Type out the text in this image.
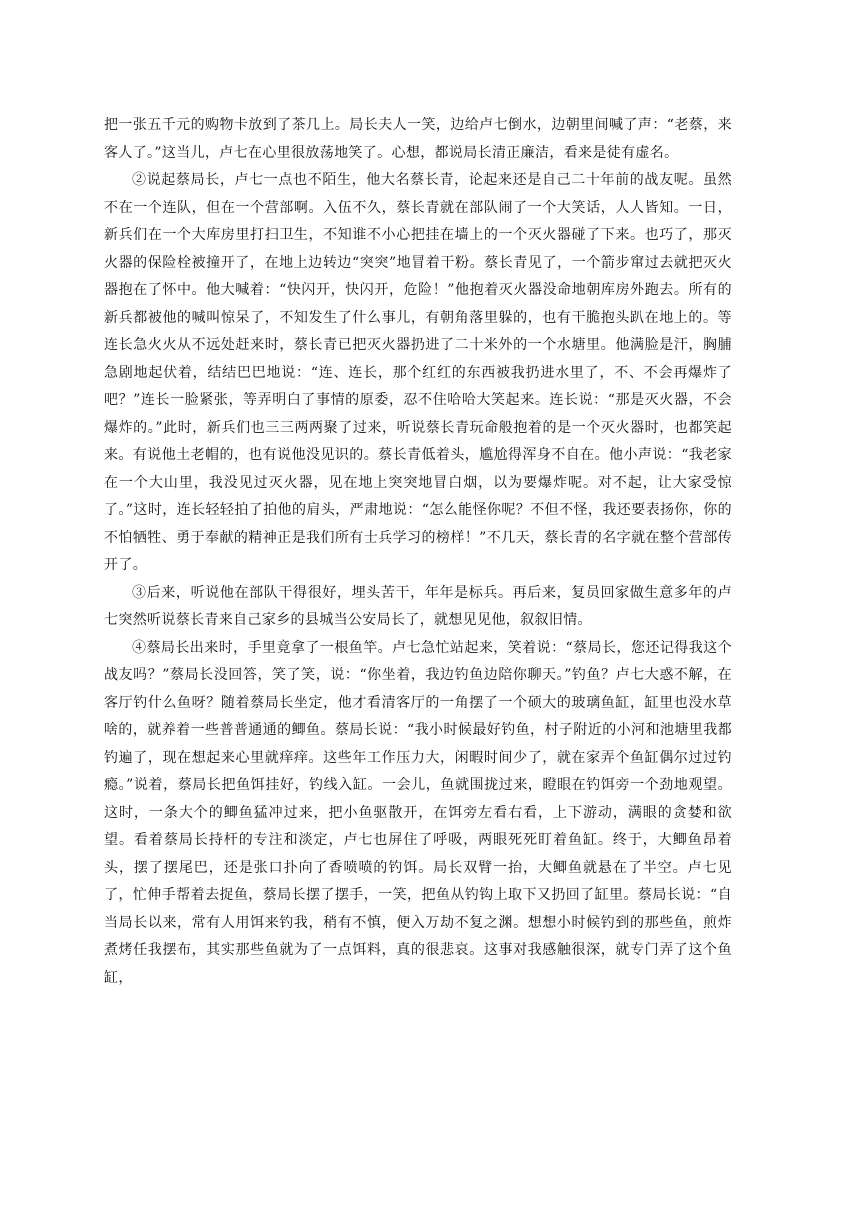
把一张五千元的购物卡放到了茶几上。局长夫人一笑，边给卢七倒水，边朝里间喊了声：“老蔡，来客人了。”这当儿，卢七在心里很放荡地笑了。心想，都说局长清正廉洁，看来是徒有虚名。

②说起蔡局长，卢七一点也不陌生，他大名蔡长青，论起来还是自己二十年前的战友呢。虽然不在一个连队，但在一个营部啊。入伍不久，蔡长青就在部队闹了一个大笑话，人人皆知。一日，新兵们在一个大库房里打扫卫生，不知谁不小心把挂在墙上的一个灭火器碰了下来。也巧了，那灭火器的保险栓被撞开了，在地上边转边“突突”地冒着干粉。蔡长青见了，一个箭步窜过去就把灭火器抱在了怀中。他大喊着：“快闪开，快闪开，危险！”他抱着灭火器没命地朝库房外跑去。所有的新兵都被他的喊叫惊呆了，不知发生了什么事儿，有朝角落里躲的，也有干脆抱头趴在地上的。等连长急火火从不远处赶来时，蔡长青已把灭火器扔进了二十米外的一个水塘里。他满脸是汗，胸脯急剧地起伏着，结结巴巴地说：“连、连长，那个红红的东西被我扔进水里了，不、不会再爆炸了吧？”连长一脸紧张，等弄明白了事情的原委，忍不住哈哈大笑起来。连长说：“那是灭火器，不会爆炸的。”此时，新兵们也三三两两聚了过来，听说蔡长青玩命般抱着的是一个灭火器时，也都笑起来。有说他土老帽的，也有说他没见识的。蔡长青低着头，尴尬得浑身不自在。他小声说：“我老家在一个大山里，我没见过灭火器，见在地上突突地冒白烟，以为要爆炸呢。对不起，让大家受惊了。”这时，连长轻轻拍了拍他的肩头，严肃地说：“怎么能怪你呢？不但不怪，我还要表扬你，你的不怕牺牲、勇于奉献的精神正是我们所有士兵学习的榜样！”不几天，蔡长青的名字就在整个营部传开了。

③后来，听说他在部队干得很好，埋头苦干，年年是标兵。再后来，复员回家做生意多年的卢七突然听说蔡长青来自己家乡的县城当公安局长了，就想见见他，叙叙旧情。

④蔡局长出来时，手里竟拿了一根鱼竿。卢七急忙站起来，笑着说：“蔡局长，您还记得我这个战友吗？”蔡局长没回答，笑了笑，说：“你坐着，我边钓鱼边陪你聊天。”钓鱼？卢七大惑不解，在客厅钓什么鱼呀？随着蔡局长坐定，他才看清客厅的一角摆了一个硕大的玻璃鱼缸，缸里也没水草啥的，就养着一些普普通通的鲫鱼。蔡局长说：“我小时候最好钓鱼，村子附近的小河和池塘里我都钓遍了，现在想起来心里就痒痒。这些年工作压力大，闲暇时间少了，就在家弄个鱼缸偶尔过过钓瘾。”说着，蔡局长把鱼饵挂好，钓线入缸。一会儿，鱼就围拢过来，瞪眼在钓饵旁一个劲地观望。这时，一条大个的鲫鱼猛冲过来，把小鱼驱散开，在饵旁左看右看，上下游动，满眼的贪婪和欲望。看着蔡局长持杆的专注和淡定，卢七也屏住了呼吸，两眼死死盯着鱼缸。终于，大鲫鱼昂着头，摆了摆尾巴，还是张口扑向了香喷喷的钓饵。局长双臂一抬，大鲫鱼就悬在了半空。卢七见了，忙伸手帮着去捉鱼，蔡局长摆了摆手，一笑，把鱼从钓钩上取下又扔回了缸里。蔡局长说：“自当局长以来，常有人用饵来钓我，稍有不慎，便入万劫不复之渊。想想小时候钓到的那些鱼，煎炸煮烤任我摆布，其实那些鱼就为了一点饵料，真的很悲哀。这事对我感触很深，就专门弄了这个鱼缸，
